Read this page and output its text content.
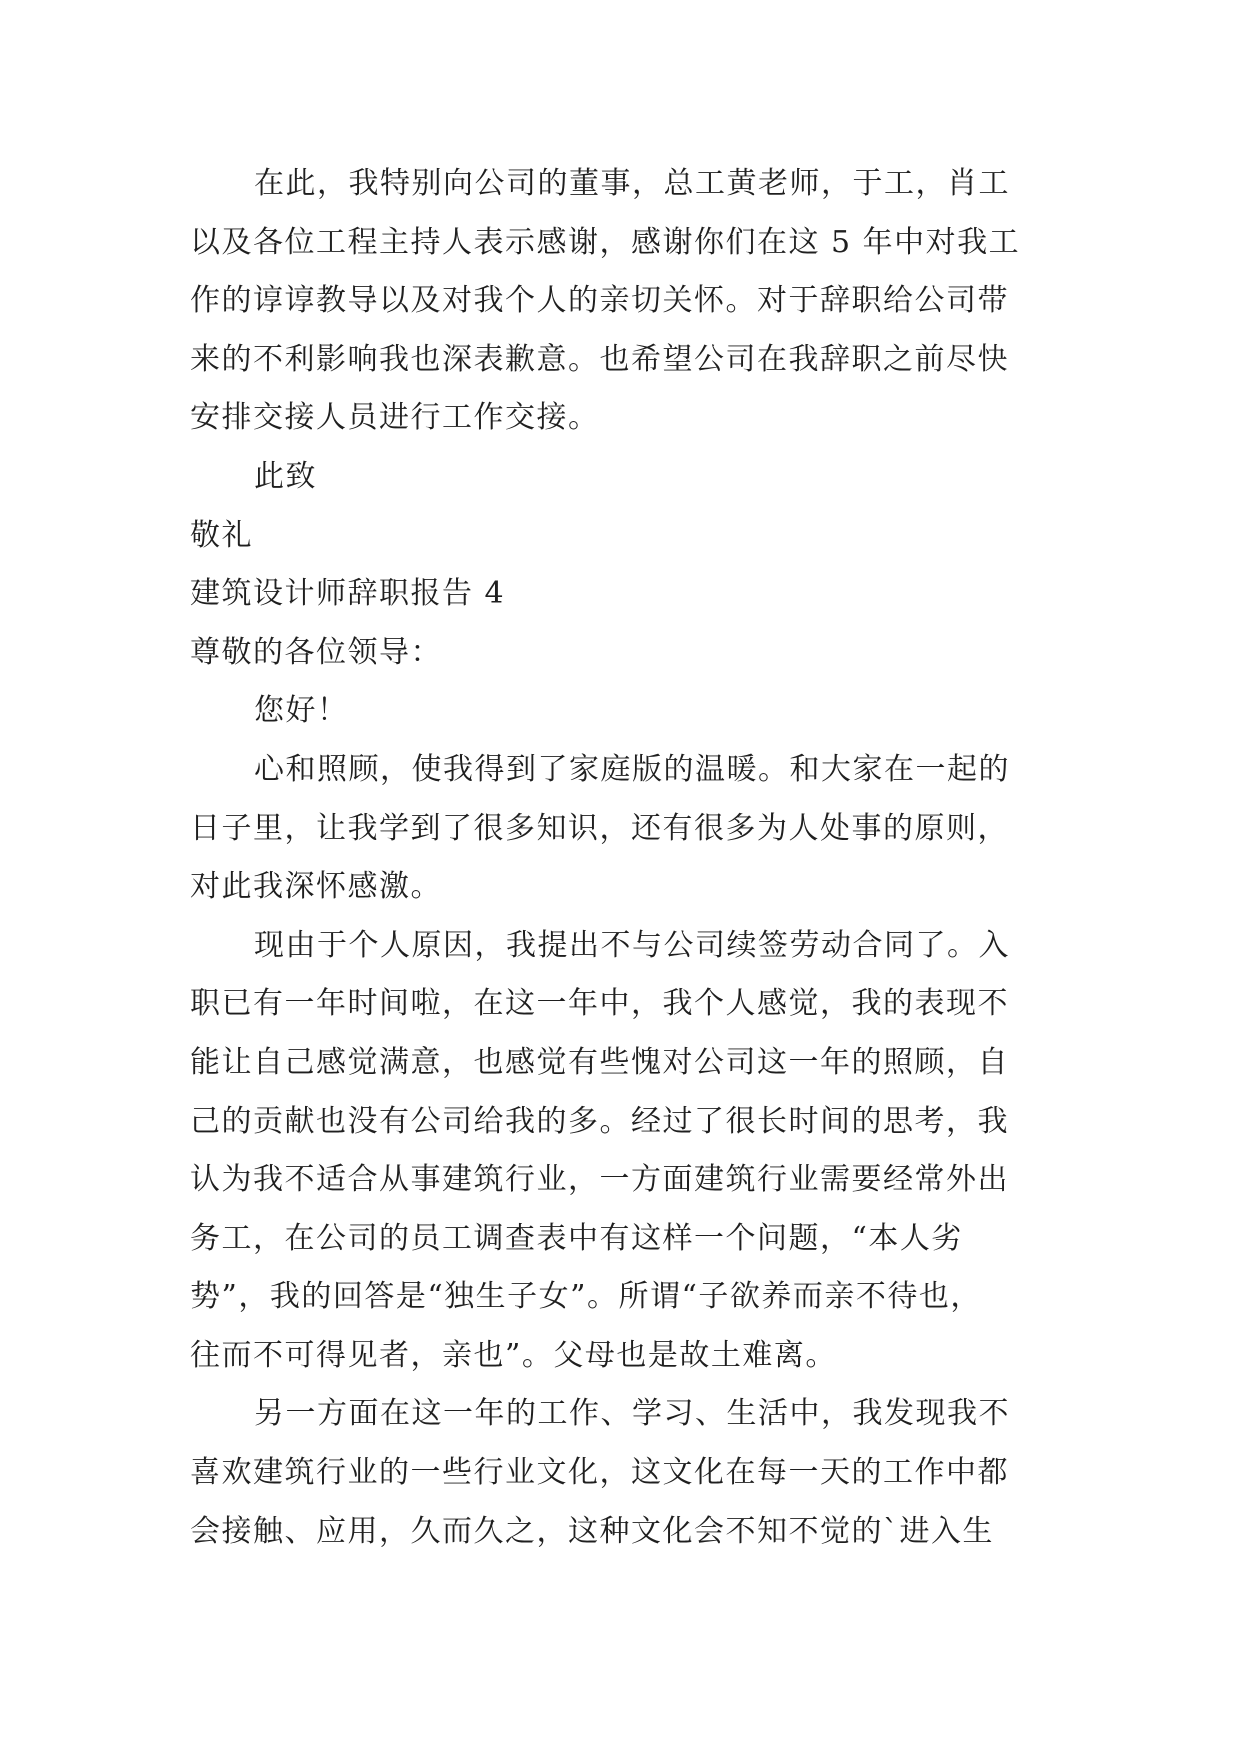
在此，我特别向公司的董事，总工黄老师，于工，肖工
以及各位工程主持人表示感谢，感谢你们在这 5 年中对我工
作的谆谆教导以及对我个人的亲切关怀。对于辞职给公司带
来的不利影响我也深表歉意。也希望公司在我辞职之前尽快
安排交接人员进行工作交接。
此致
敬礼
建筑设计师辞职报告 4
尊敬的各位领导：
您好！
心和照顾，使我得到了家庭版的温暖。和大家在一起的
日子里，让我学到了很多知识，还有很多为人处事的原则，
对此我深怀感激。
现由于个人原因，我提出不与公司续签劳动合同了。入
职已有一年时间啦，在这一年中，我个人感觉，我的表现不
能让自己感觉满意，也感觉有些愧对公司这一年的照顾，自
己的贡献也没有公司给我的多。经过了很长时间的思考，我
认为我不适合从事建筑行业，一方面建筑行业需要经常外出
务工，在公司的员工调查表中有这样一个问题，“本人劣
势”，我的回答是“独生子女”。所谓“子欲养而亲不待也，
往而不可得见者，亲也”。父母也是故土难离。
另一方面在这一年的工作、学习、生活中，我发现我不
喜欢建筑行业的一些行业文化，这文化在每一天的工作中都
会接触、应用，久而久之，这种文化会不知不觉的`进入生
